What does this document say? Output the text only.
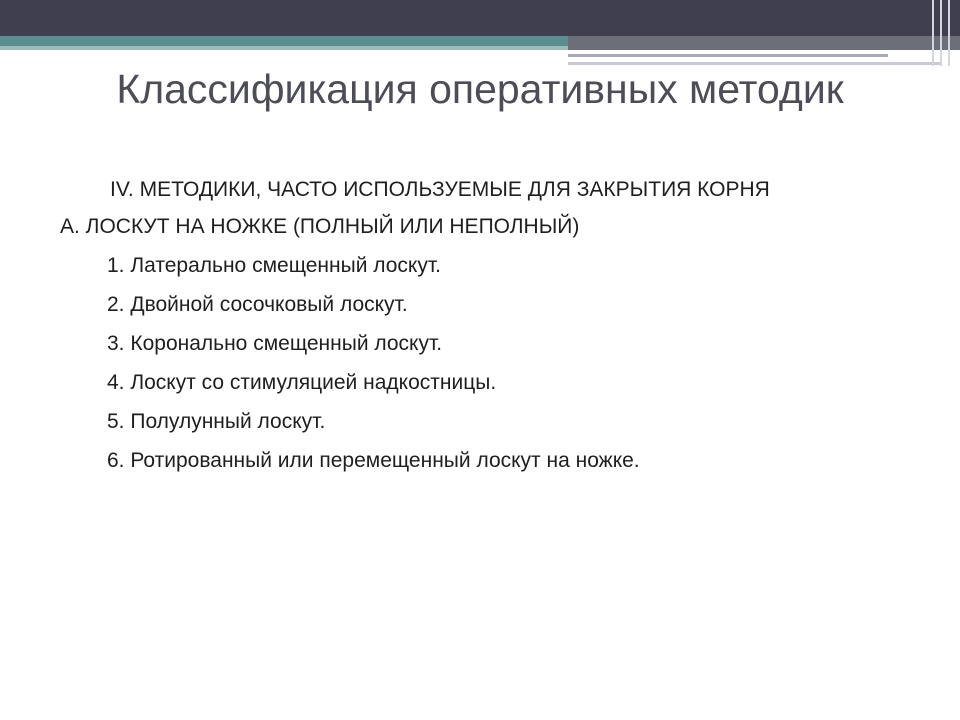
Классификация оперативных методик

IV. МЕТОДИКИ, ЧАСТО ИСПОЛЬЗУЕМЫЕ ДЛЯ ЗАКРЫТИЯ КОРНЯ

А. ЛОСКУТ НА НОЖКЕ (ПОЛНЫЙ ИЛИ НЕПОЛНЫЙ)

1. Латерально смещенный лоскут.

2. Двойной сосочковый лоскут.

3. Коронально смещенный лоскут.

4. Лоскут со стимуляцией надкостницы.

5. Полулунный лоскут.

6. Ротированный или перемещенный лоскут на ножке.
